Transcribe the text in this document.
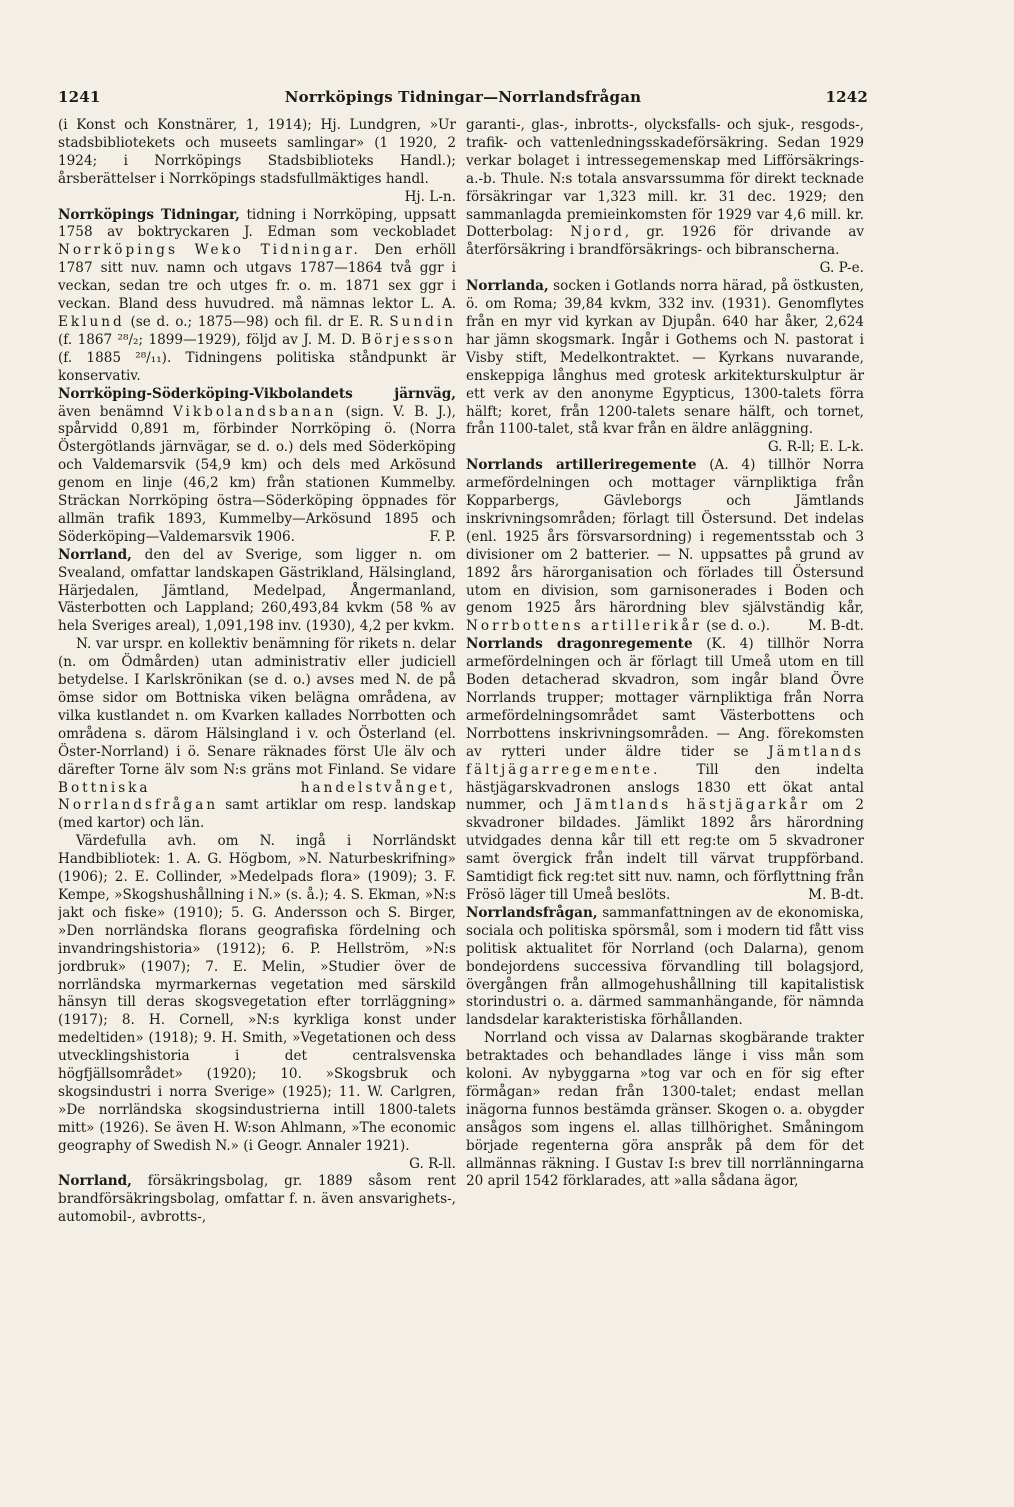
1241	Norrköpings Tidningar—Norrlandsfrågan	1242

(i Konst och Konstnärer, 1, 1914); Hj. Lundgren, »Ur stadsbibliotekets och museets samlingar» (1 1920, 2 1924; i Norrköpings Stadsbiblioteks Handl.); årsberättelser i Norrköpings stadsfullmäktiges handl.
Hj. L-n.

Norrköpings Tidningar, tidning i Norrköping, uppsatt 1758 av boktryckaren J. Edman som veckobladet Norrköpings Weko Tidningar. Den erhöll 1787 sitt nuv. namn och utgavs 1787—1864 två ggr i veckan, sedan tre och utges fr. o. m. 1871 sex ggr i veckan. Bland dess huvudred. må nämnas lektor L. A. Eklund (se d. o.; 1875—98) och fil. dr E. R. Sundin (f. 1867 ²⁸/₂; 1899—1929), följd av J. M. D. Börjesson (f. 1885 ²⁸/₁₁). Tidningens politiska ståndpunkt är konservativ.

Norrköping-Söderköping-Vikbolandets järnväg, även benämnd Vikbolandsbanan (sign. V. B. J.), spårvidd 0,891 m, förbinder Norrköping ö. (Norra Östergötlands järnvägar, se d. o.) dels med Söderköping och Valdemarsvik (54,9 km) och dels med Arkösund genom en linje (46,2 km) från stationen Kummelby. Sträckan Norrköping östra—Söderköping öppnades för allmän trafik 1893, Kummelby—Arkösund 1895 och Söderköping—Valdemarsvik 1906.	F. P.

Norrland, den del av Sverige, som ligger n. om Svealand, omfattar landskapen Gästrikland, Hälsingland, Härjedalen, Jämtland, Medelpad, Ångermanland, Västerbotten och Lappland; 260,493,84 kvkm (58 % av hela Sveriges areal), 1,091,198 inv. (1930), 4,2 per kvkm.

N. var urspr. en kollektiv benämning för rikets n. delar (n. om Ödmården) utan administrativ eller judiciell betydelse. I Karlskrönikan (se d. o.) avses med N. de på ömse sidor om Bottniska viken belägna områdena, av vilka kustlandet n. om Kvarken kallades Norrbotten och områdena s. därom Hälsingland i v. och Österland (el. Öster-Norrland) i ö. Senare räknades först Ule älv och därefter Torne älv som N:s gräns mot Finland. Se vidare Bottniska handelstvånget, Norrlandsfrågan samt artiklar om resp. landskap (med kartor) och län.

Värdefulla avh. om N. ingå i Norrländskt Handbibliotek: 1. A. G. Högbom, »N. Naturbeskrifning» (1906); 2. E. Collinder, »Medelpads flora» (1909); 3. F. Kempe, »Skogshushållning i N.» (s. å.); 4. S. Ekman, »N:s jakt och fiske» (1910); 5. G. Andersson och S. Birger, »Den norrländska florans geografiska fördelning och invandringshistoria» (1912); 6. P. Hellström, »N:s jordbruk» (1907); 7. E. Melin, »Studier över de norrländska myrmarkernas vegetation med särskild hänsyn till deras skogsvegetation efter torrläggning» (1917); 8. H. Cornell, »N:s kyrkliga konst under medeltiden» (1918); 9. H. Smith, »Vegetationen och dess utvecklingshistoria i det centralsvenska högfjällsområdet» (1920); 10. »Skogsbruk och skogsindustri i norra Sverige» (1925); 11. W. Carlgren, »De norrländska skogsindustrierna intill 1800-talets mitt» (1926). Se även H. W:son Ahlmann, »The economic geography of Swedish N.» (i Geogr. Annaler 1921).
G. R-ll.

Norrland, försäkringsbolag, gr. 1889 såsom rent brandförsäkringsbolag, omfattar f. n. även ansvarighets-, automobil-, avbrotts-,

garanti-, glas-, inbrotts-, olycksfalls- och sjuk-, resgods-, trafik- och vattenledningsskadeförsäkring. Sedan 1929 verkar bolaget i intressegemenskap med Lifförsäkrings-a.-b. Thule. N:s totala ansvarssumma för direkt tecknade försäkringar var 1,323 mill. kr. 31 dec. 1929; den sammanlagda premieinkomsten för 1929 var 4,6 mill. kr. Dotterbolag: Njord, gr. 1926 för drivande av återförsäkring i brandförsäkrings- och bibranscherna.
G. P-e.

Norrlanda, socken i Gotlands norra härad, på östkusten, ö. om Roma; 39,84 kvkm, 332 inv. (1931). Genomflytes från en myr vid kyrkan av Djupån. 640 har åker, 2,624 har jämn skogsmark. Ingår i Gothems och N. pastorat i Visby stift, Medelkontraktet. — Kyrkans nuvarande, enskeppiga långhus med grotesk arkitekturskulptur är ett verk av den anonyme Egypticus, 1300-talets förra hälft; koret, från 1200-talets senare hälft, och tornet, från 1100-talet, stå kvar från en äldre anläggning.
G. R-ll; E. L-k.

Norrlands artilleriregemente (A. 4) tillhör Norra armefördelningen och mottager värnpliktiga från Kopparbergs, Gävleborgs och Jämtlands inskrivningsområden; förlagt till Östersund. Det indelas (enl. 1925 års försvarsordning) i regementsstab och 3 divisioner om 2 batterier. — N. uppsattes på grund av 1892 års härorganisation och förlades till Östersund utom en division, som garnisonerades i Boden och genom 1925 års härordning blev självständig kår, Norrbottens artillerikår (se d. o.).	M. B-dt.

Norrlands dragonregemente (K. 4) tillhör Norra armefördelningen och är förlagt till Umeå utom en till Boden detacherad skvadron, som ingår bland Övre Norrlands trupper; mottager värnpliktiga från Norra armefördelningsområdet samt Västerbottens och Norrbottens inskrivningsområden. — Ang. förekomsten av rytteri under äldre tider se Jämtlands fältjägarregemente. Till den indelta hästjägarskvadronen anslogs 1830 ett ökat antal nummer, och Jämtlands hästjägarkår om 2 skvadroner bildades. Jämlikt 1892 års härordning utvidgades denna kår till ett reg:te om 5 skvadroner samt övergick från indelt till värvat truppförband. Samtidigt fick reg:tet sitt nuv. namn, och förflyttning från Frösö läger till Umeå beslöts.	M. B-dt.

Norrlandsfrågan, sammanfattningen av de ekonomiska, sociala och politiska spörsmål, som i modern tid fått viss politisk aktualitet för Norrland (och Dalarna), genom bondejordens successiva förvandling till bolagsjord, övergången från allmogehushållning till kapitalistisk storindustri o. a. därmed sammanhängande, för nämnda landsdelar karakteristiska förhållanden.

Norrland och vissa av Dalarnas skogbärande trakter betraktades och behandlades länge i viss mån som koloni. Av nybyggarna »tog var och en för sig efter förmågan» redan från 1300-talet; endast mellan inägorna funnos bestämda gränser. Skogen o. a. obygder ansågos som ingens el. allas tillhörighet. Småningom började regenterna göra anspråk på dem för det allmännas räkning. I Gustav I:s brev till norrlänningarna 20 april 1542 förklarades, att »alla sådana ägor,
